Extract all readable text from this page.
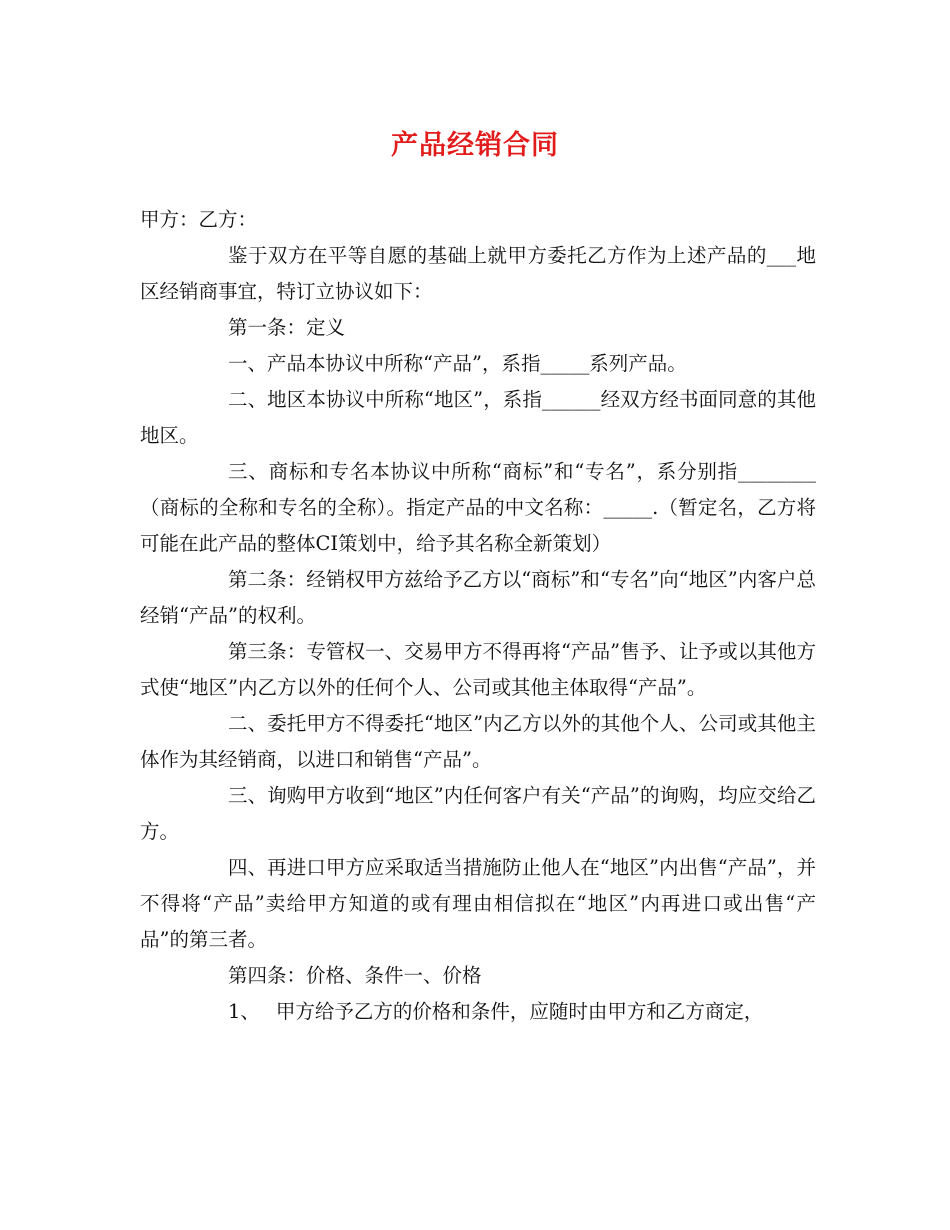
产品经销合同

甲方：乙方：

鉴于双方在平等自愿的基础上就甲方委托乙方作为上述产品的___地区经销商事宜，特订立协议如下：

第一条：定义

一、产品本协议中所称“产品”，系指_____系列产品。

二、地区本协议中所称“地区”，系指______经双方经书面同意的其他地区。

三、商标和专名本协议中所称“商标”和“专名”，系分别指________（商标的全称和专名的全称）。指定产品的中文名称：_____.（暂定名，乙方将可能在此产品的整体CI策划中，给予其名称全新策划）

第二条：经销权甲方兹给予乙方以“商标”和“专名”向“地区”内客户总经销“产品”的权利。

第三条：专管权一、交易甲方不得再将“产品”售予、让予或以其他方式使“地区”内乙方以外的任何个人、公司或其他主体取得“产品”。

二、委托甲方不得委托“地区”内乙方以外的其他个人、公司或其他主体作为其经销商，以进口和销售“产品”。

三、询购甲方收到“地区”内任何客户有关“产品”的询购，均应交给乙方。

四、再进口甲方应采取适当措施防止他人在“地区”内出售“产品”，并不得将“产品”卖给甲方知道的或有理由相信拟在“地区”内再进口或出售“产品”的第三者。

第四条：价格、条件一、价格

1、　 甲方给予乙方的价格和条件，应随时由甲方和乙方商定，
